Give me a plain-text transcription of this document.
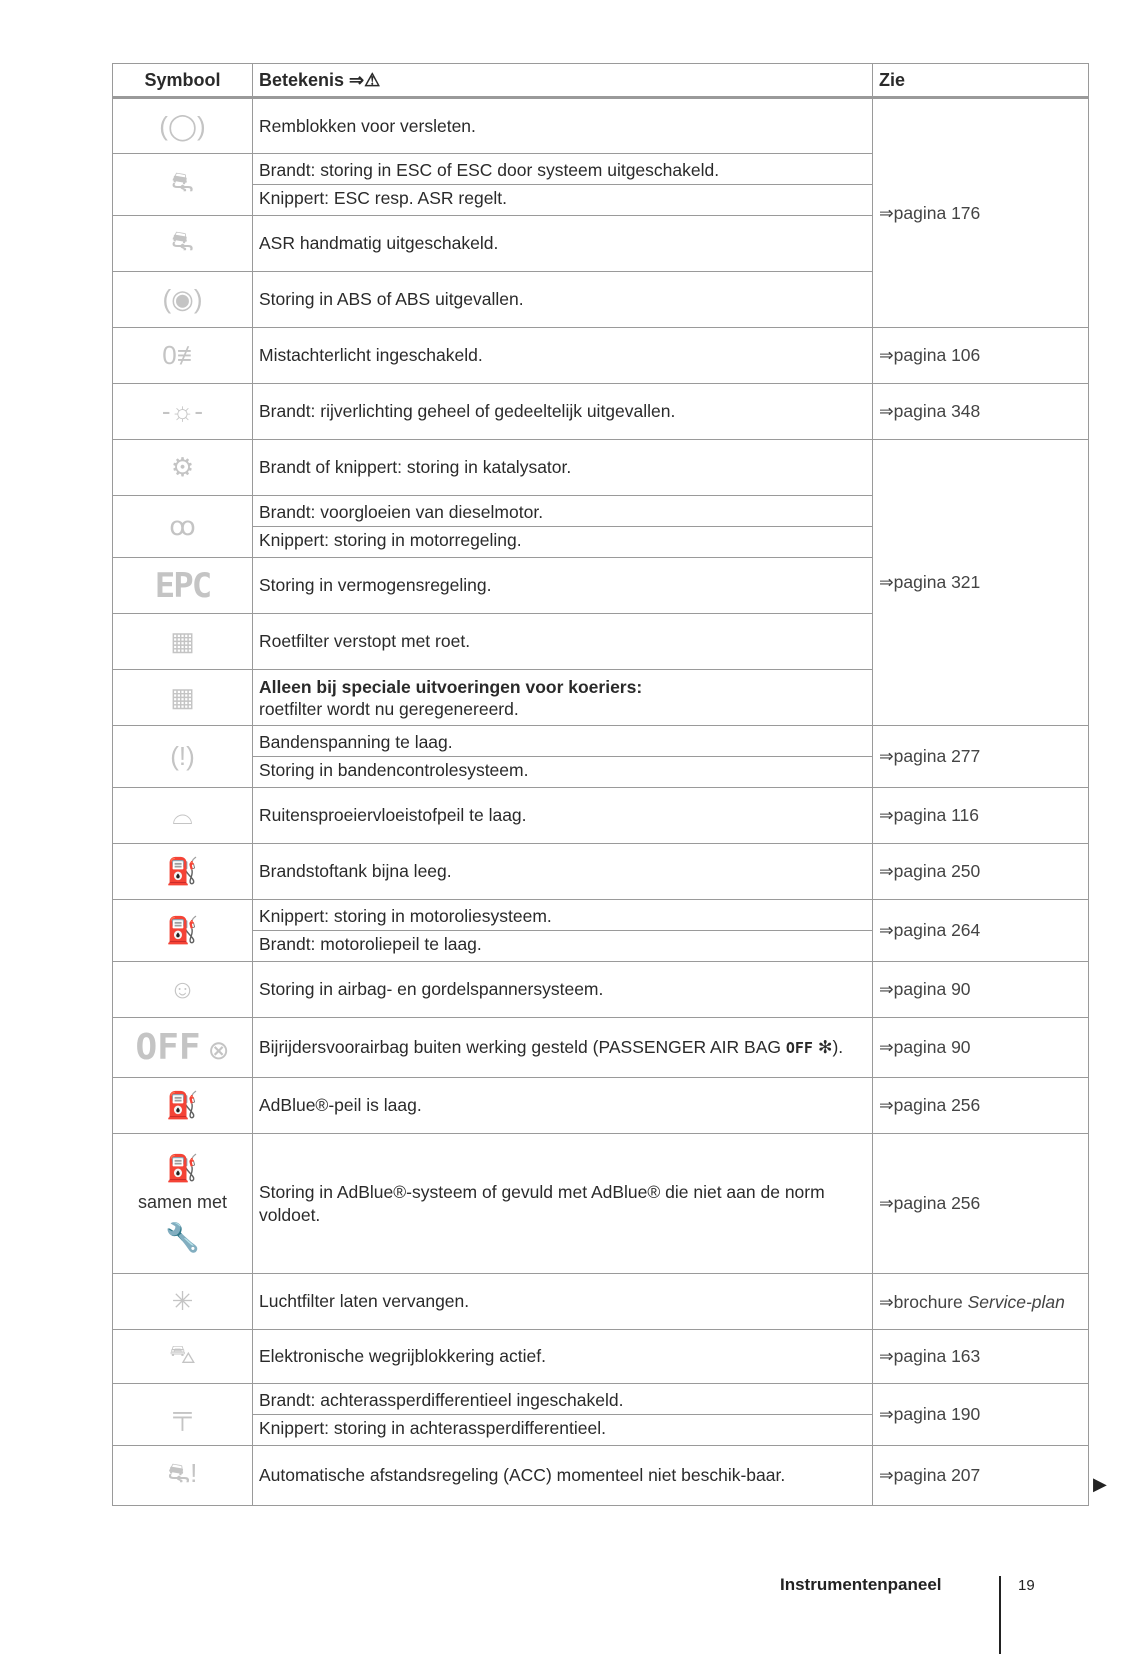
Symbool	Betekenis ⇒⚠	Zie
(◯)	Remblokken voor versleten.	⇒pagina 176
⛐	Brandt: storing in ESC of ESC door systeem uitgeschakeld.
Knippert: ESC resp. ASR regelt.	

⛐	ASR handmatig uitgeschakeld.	
(◉)	Storing in ABS of ABS uitgevallen.	
0≢	Mistachterlicht ingeschakeld.	⇒pagina 106
-☼-	Brandt: rijverlichting geheel of gedeeltelijk uitgevallen.	⇒pagina 348
⚙	Brandt of knippert: storing in katalysator.	⇒pagina 321
ꝏ	Brandt: voorgloeien van dieselmotor.
Knippert: storing in motorregeling.	

EPC	Storing in vermogensregeling.	
▦	Roetfilter verstopt met roet.	
▦	Alleen bij speciale uitvoeringen voor koeriers:
roetfilter wordt nu geregenereerd.	

(!)	Bandenspanning te laag.
Storing in bandencontrolesysteem.	⇒pagina 277
⌓	Ruitensproeiervloeistofpeil te laag.	⇒pagina 116
⛽	Brandstoftank bijna leeg.	⇒pagina 250
⛽	Knippert: storing in motoroliesysteem.
Brandt: motoroliepeil te laag.	⇒pagina 264
☺	Storing in airbag- en gordelspannersysteem.	⇒pagina 90
OFF ⊗	Bijrijdersvoorairbag buiten werking gesteld (PASSENGER AIR BAG OFF ✻).	⇒pagina 90
⛽	AdBlue®-peil is laag.	⇒pagina 256

⛽
samen met
🔧	Storing in AdBlue®-systeem of gevuld met AdBlue® die niet aan de norm voldoet.	⇒pagina 256
✳	Luchtfilter laten vervangen.	⇒brochure Service-plan
⛍	Elektronische wegrijblokkering actief.	⇒pagina 163
╤	Brandt: achterassperdifferentieel ingeschakeld.
Knippert: storing in achterassperdifferentieel.	⇒pagina 190
⛐!	Automatische afstandsregeling (ACC) momenteel niet beschik-baar.	⇒pagina 207	▶
Instrumentenpaneel	19
